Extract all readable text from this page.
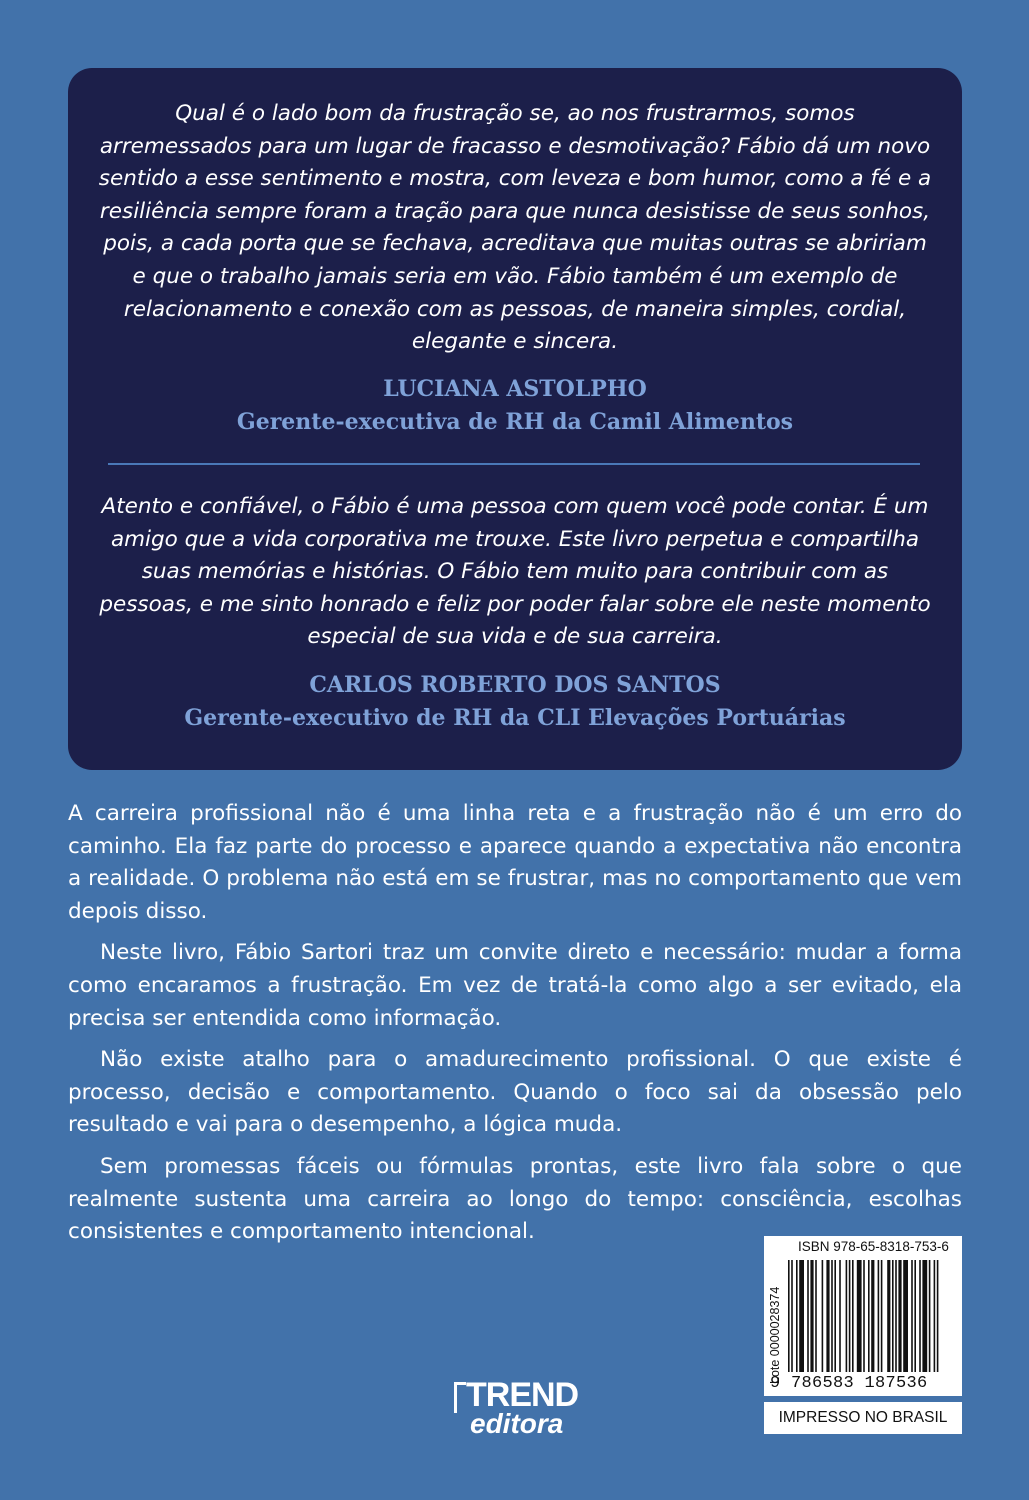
Qual é o lado bom da frustração se, ao nos frustrarmos, somos arremessados para um lugar de fracasso e desmotivação? Fábio dá um novo sentido a esse sentimento e mostra, com leveza e bom humor, como a fé e a resiliência sempre foram a tração para que nunca desistisse de seus sonhos, pois, a cada porta que se fechava, acreditava que muitas outras se abririam e que o trabalho jamais seria em vão. Fábio também é um exemplo de relacionamento e conexão com as pessoas, de maneira simples, cordial, elegante e sincera.

LUCIANA ASTOLPHO

Gerente-executiva de RH da Camil Alimentos

Atento e confiável, o Fábio é uma pessoa com quem você pode contar. É um amigo que a vida corporativa me trouxe. Este livro perpetua e compartilha suas memórias e histórias. O Fábio tem muito para contribuir com as pessoas, e me sinto honrado e feliz por poder falar sobre ele neste momento especial de sua vida e de sua carreira.

CARLOS ROBERTO DOS SANTOS

Gerente-executivo de RH da CLI Elevações Portuárias

A carreira profissional não é uma linha reta e a frustração não é um erro do caminho. Ela faz parte do processo e aparece quando a expectativa não encontra a realidade. O problema não está em se frustrar, mas no comportamento que vem depois disso.

Neste livro, Fábio Sartori traz um convite direto e necessário: mudar a forma como encaramos a frustração. Em vez de tratá-la como algo a ser evitado, ela precisa ser entendida como informação.

Não existe atalho para o amadurecimento profissional. O que existe é processo, decisão e comportamento. Quando o foco sai da obsessão pelo resultado e vai para o desempenho, a lógica muda.

Sem promessas fáceis ou fórmulas prontas, este livro fala sobre o que realmente sustenta uma carreira ao longo do tempo: consciência, escolhas consistentes e comportamento intencional.

TREND
editora
ISBN 978-65-8318-753-6
Lote 0000028374
9 786583 187536
IMPRESSO NO BRASIL
